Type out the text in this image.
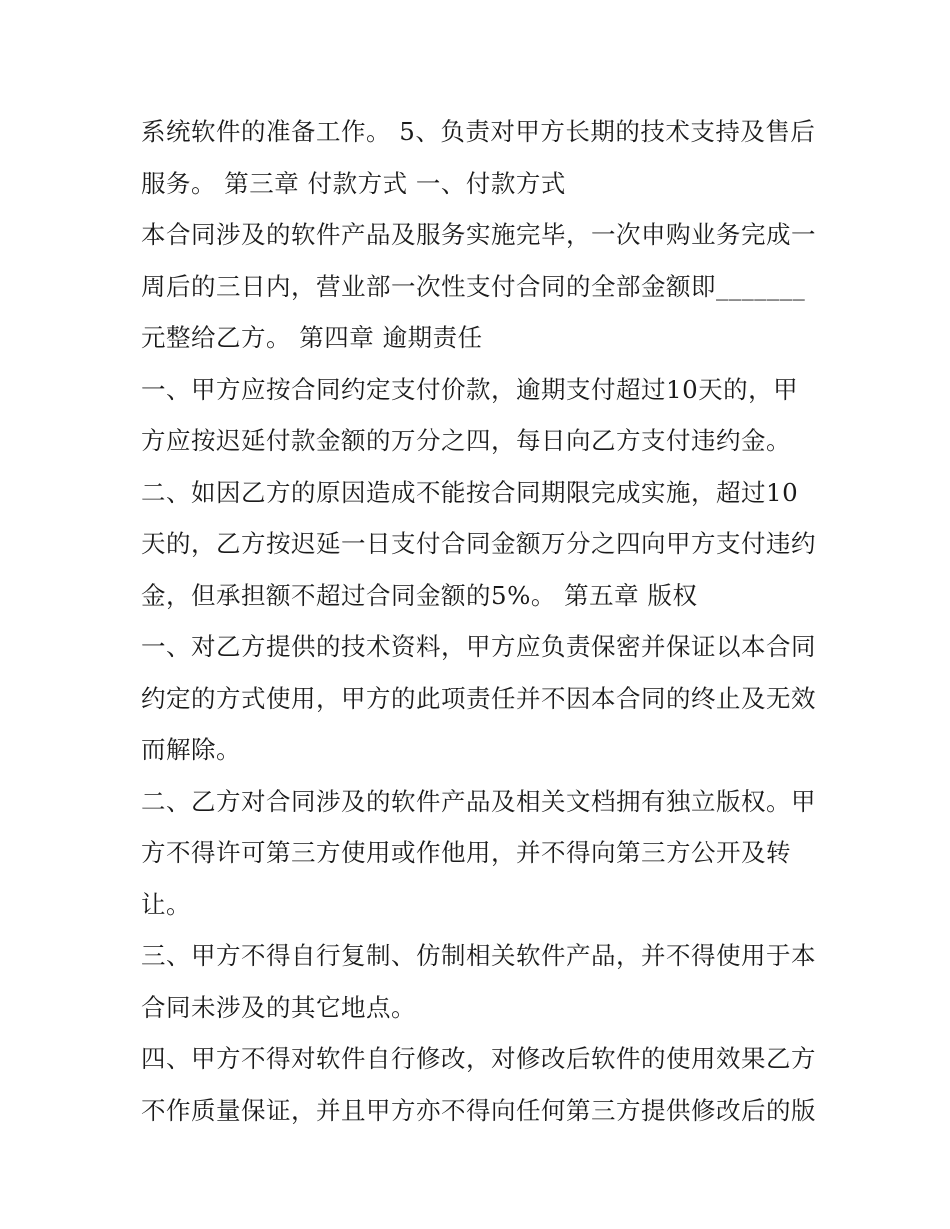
系统软件的准备工作。 5、负责对甲方长期的技术支持及售后服务。 第三章 付款方式 一、付款方式

本合同涉及的软件产品及服务实施完毕，一次申购业务完成一周后的三日内，营业部一次性支付合同的全部金额即_______元整给乙方。 第四章 逾期责任

一、甲方应按合同约定支付价款，逾期支付超过10天的，甲方应按迟延付款金额的万分之四，每日向乙方支付违约金。

二、如因乙方的原因造成不能按合同期限完成实施，超过10天的，乙方按迟延一日支付合同金额万分之四向甲方支付违约金，但承担额不超过合同金额的5%。 第五章 版权

一、对乙方提供的技术资料，甲方应负责保密并保证以本合同约定的方式使用，甲方的此项责任并不因本合同的终止及无效而解除。

二、乙方对合同涉及的软件产品及相关文档拥有独立版权。甲方不得许可第三方使用或作他用，并不得向第三方公开及转让。

三、甲方不得自行复制、仿制相关软件产品，并不得使用于本合同未涉及的其它地点。

四、甲方不得对软件自行修改，对修改后软件的使用效果乙方不作质量保证，并且甲方亦不得向任何第三方提供修改后的版
